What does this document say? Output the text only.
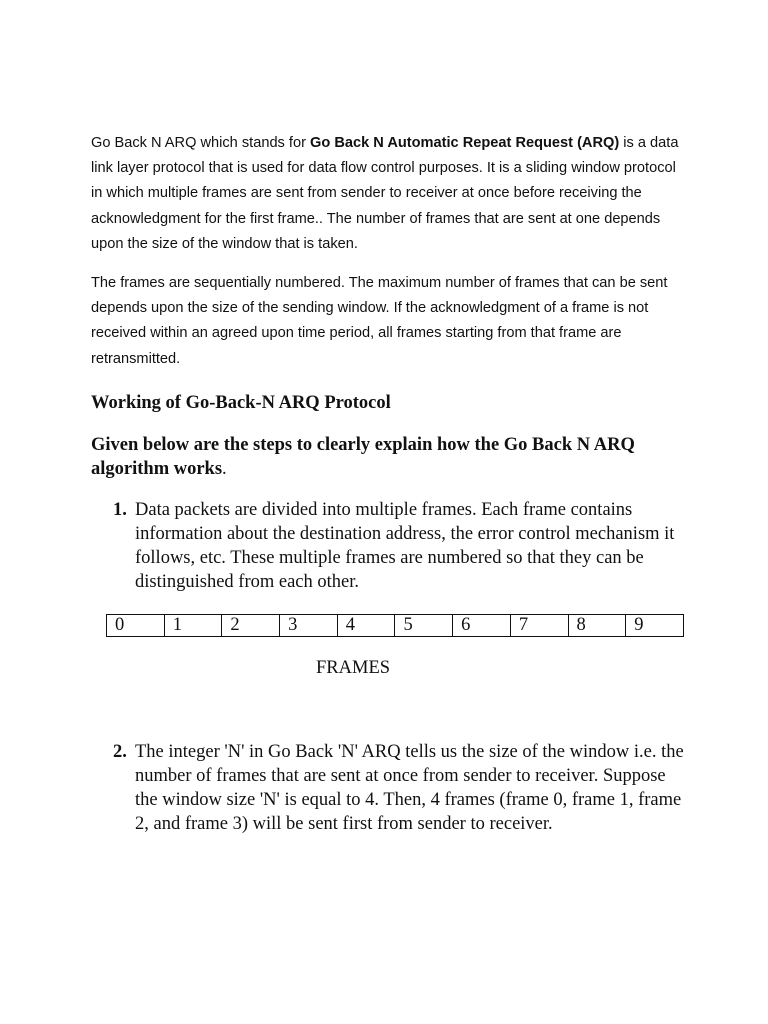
Go Back N ARQ which stands for Go Back N Automatic Repeat Request (ARQ) is a data link layer protocol that is used for data flow control purposes. It is a sliding window protocol in which multiple frames are sent from sender to receiver at once before receiving the acknowledgment for the first frame.. The number of frames that are sent at one depends upon the size of the window that is taken.

The frames are sequentially numbered. The maximum number of frames that can be sent depends upon the size of the sending window. If the acknowledgment of a frame is not received within an agreed upon time period, all frames starting from that frame are retransmitted.

Working of Go-Back-N ARQ Protocol

Given below are the steps to clearly explain how the Go Back N ARQ algorithm works.

1. Data packets are divided into multiple frames. Each frame contains information about the destination address, the error control mechanism it follows, etc. These multiple frames are numbered so that they can be distinguished from each other.
0	1	2	3	4	5	6	7	8	9
FRAMES
2. The integer 'N' in Go Back 'N' ARQ tells us the size of the window i.e. the number of frames that are sent at once from sender to receiver. Suppose the window size 'N' is equal to 4. Then, 4 frames (frame 0, frame 1, frame 2, and frame 3) will be sent first from sender to receiver.
